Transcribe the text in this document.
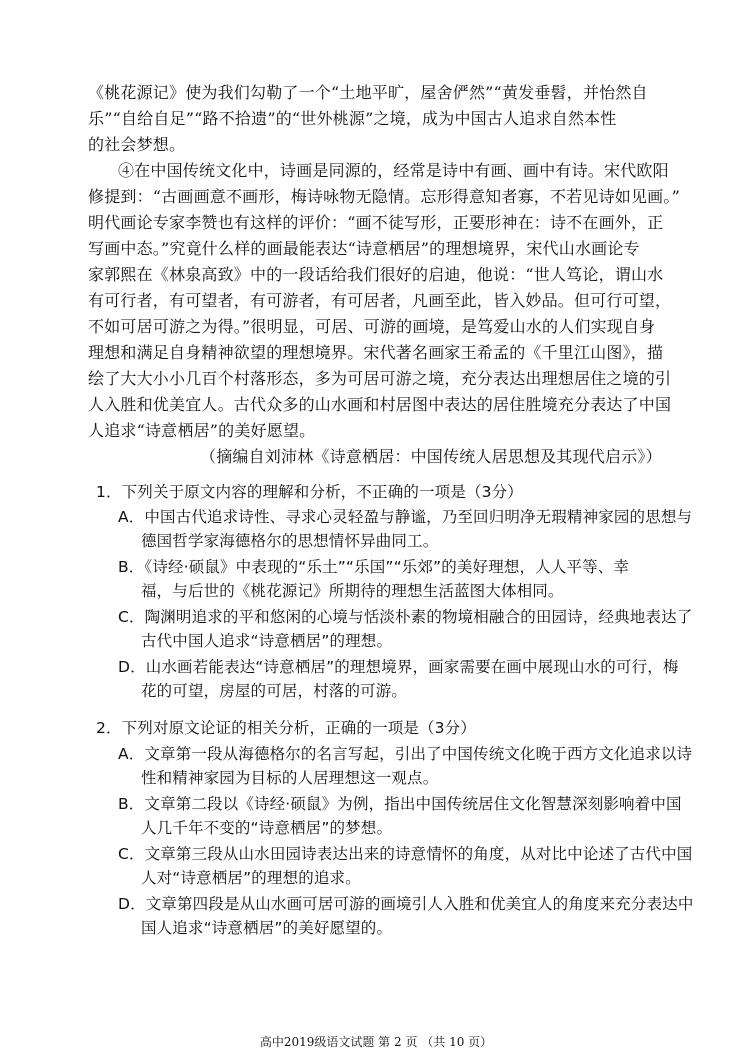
《桃花源记》使为我们勾勒了一个“土地平旷，屋舍俨然”“黄发垂髫，并怡然自
乐”“自给自足”“路不拾遗”的“世外桃源”之境，成为中国古人追求自然本性
的社会梦想。
④在中国传统文化中，诗画是同源的，经常是诗中有画、画中有诗。宋代欧阳
修提到：“古画画意不画形，梅诗咏物无隐情。忘形得意知者寡，不若见诗如见画。”
明代画论专家李赞也有这样的评价：“画不徒写形，正要形神在：诗不在画外，正
写画中态。”究竟什么样的画最能表达“诗意栖居”的理想境界，宋代山水画论专
家郭熙在《林泉高致》中的一段话给我们很好的启迪，他说：“世人笃论，谓山水
有可行者，有可望者，有可游者，有可居者，凡画至此，皆入妙品。但可行可望，
不如可居可游之为得。”很明显，可居、可游的画境，是笃爱山水的人们实现自身
理想和满足自身精神欲望的理想境界。宋代著名画家王希孟的《千里江山图》，描
绘了大大小小几百个村落形态，多为可居可游之境，充分表达出理想居住之境的引
人入胜和优美宜人。古代众多的山水画和村居图中表达的居住胜境充分表达了中国
人追求“诗意栖居”的美好愿望。
（摘编自刘沛林《诗意栖居：中国传统人居思想及其现代启示》）
1．下列关于原文内容的理解和分析，不正确的一项是（3分）
A．中国古代追求诗性、寻求心灵轻盈与静谧，乃至回归明净无瑕精神家园的思想与
德国哲学家海德格尔的思想情怀异曲同工。
B．《诗经·硕鼠》中表现的“乐土”“乐国”“乐郊”的美好理想，人人平等、幸
福，与后世的《桃花源记》所期待的理想生活蓝图大体相同。
C．陶渊明追求的平和悠闲的心境与恬淡朴素的物境相融合的田园诗，经典地表达了
古代中国人追求“诗意栖居”的理想。
D．山水画若能表达“诗意栖居”的理想境界，画家需要在画中展现山水的可行，梅
花的可望，房屋的可居，村落的可游。
2．下列对原文论证的相关分析，正确的一项是（3分）
A．文章第一段从海德格尔的名言写起，引出了中国传统文化晚于西方文化追求以诗
性和精神家园为目标的人居理想这一观点。
B．文章第二段以《诗经·硕鼠》为例，指出中国传统居住文化智慧深刻影响着中国
人几千年不变的“诗意栖居”的梦想。
C．文章第三段从山水田园诗表达出来的诗意情怀的角度，从对比中论述了古代中国
人对“诗意栖居”的理想的追求。
D．文章第四段是从山水画可居可游的画境引人入胜和优美宜人的角度来充分表达中
国人追求“诗意栖居”的美好愿望的。
高中2019级语文试题 第 2 页 （共 10 页）
